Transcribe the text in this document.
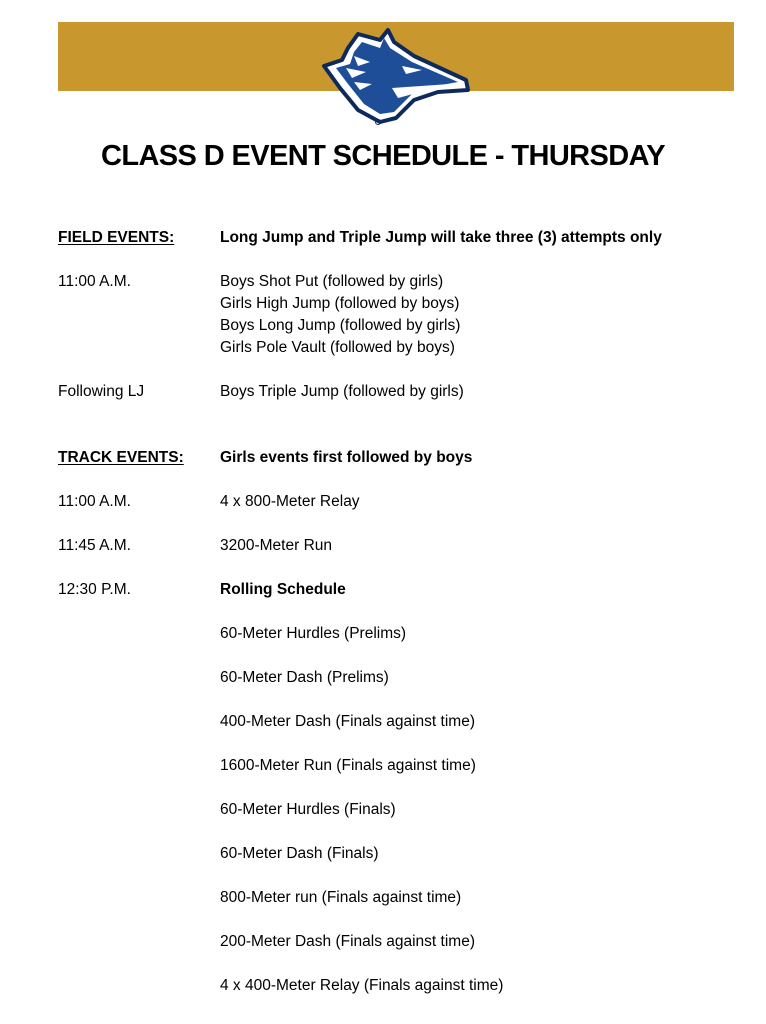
CLASS D EVENT SCHEDULE - THURSDAY
FIELD EVENTS:	Long Jump and Triple Jump will take three (3) attempts only
11:00 A.M.	Boys Shot Put (followed by girls)
Girls High Jump (followed by boys)
Boys Long Jump (followed by girls)
Girls Pole Vault (followed by boys)
Following LJ	Boys Triple Jump (followed by girls)
TRACK EVENTS: Girls events first followed by boys
11:00 A.M.	4 x 800-Meter Relay
11:45 A.M.	3200-Meter Run
12:30 P.M.	Rolling Schedule
60-Meter Hurdles (Prelims)
60-Meter Dash (Prelims)
400-Meter Dash (Finals against time)
1600-Meter Run (Finals against time)
60-Meter Hurdles (Finals)
60-Meter Dash (Finals)
800-Meter run (Finals against time)
200-Meter Dash (Finals against time)
4 x 400-Meter Relay (Finals against time)
